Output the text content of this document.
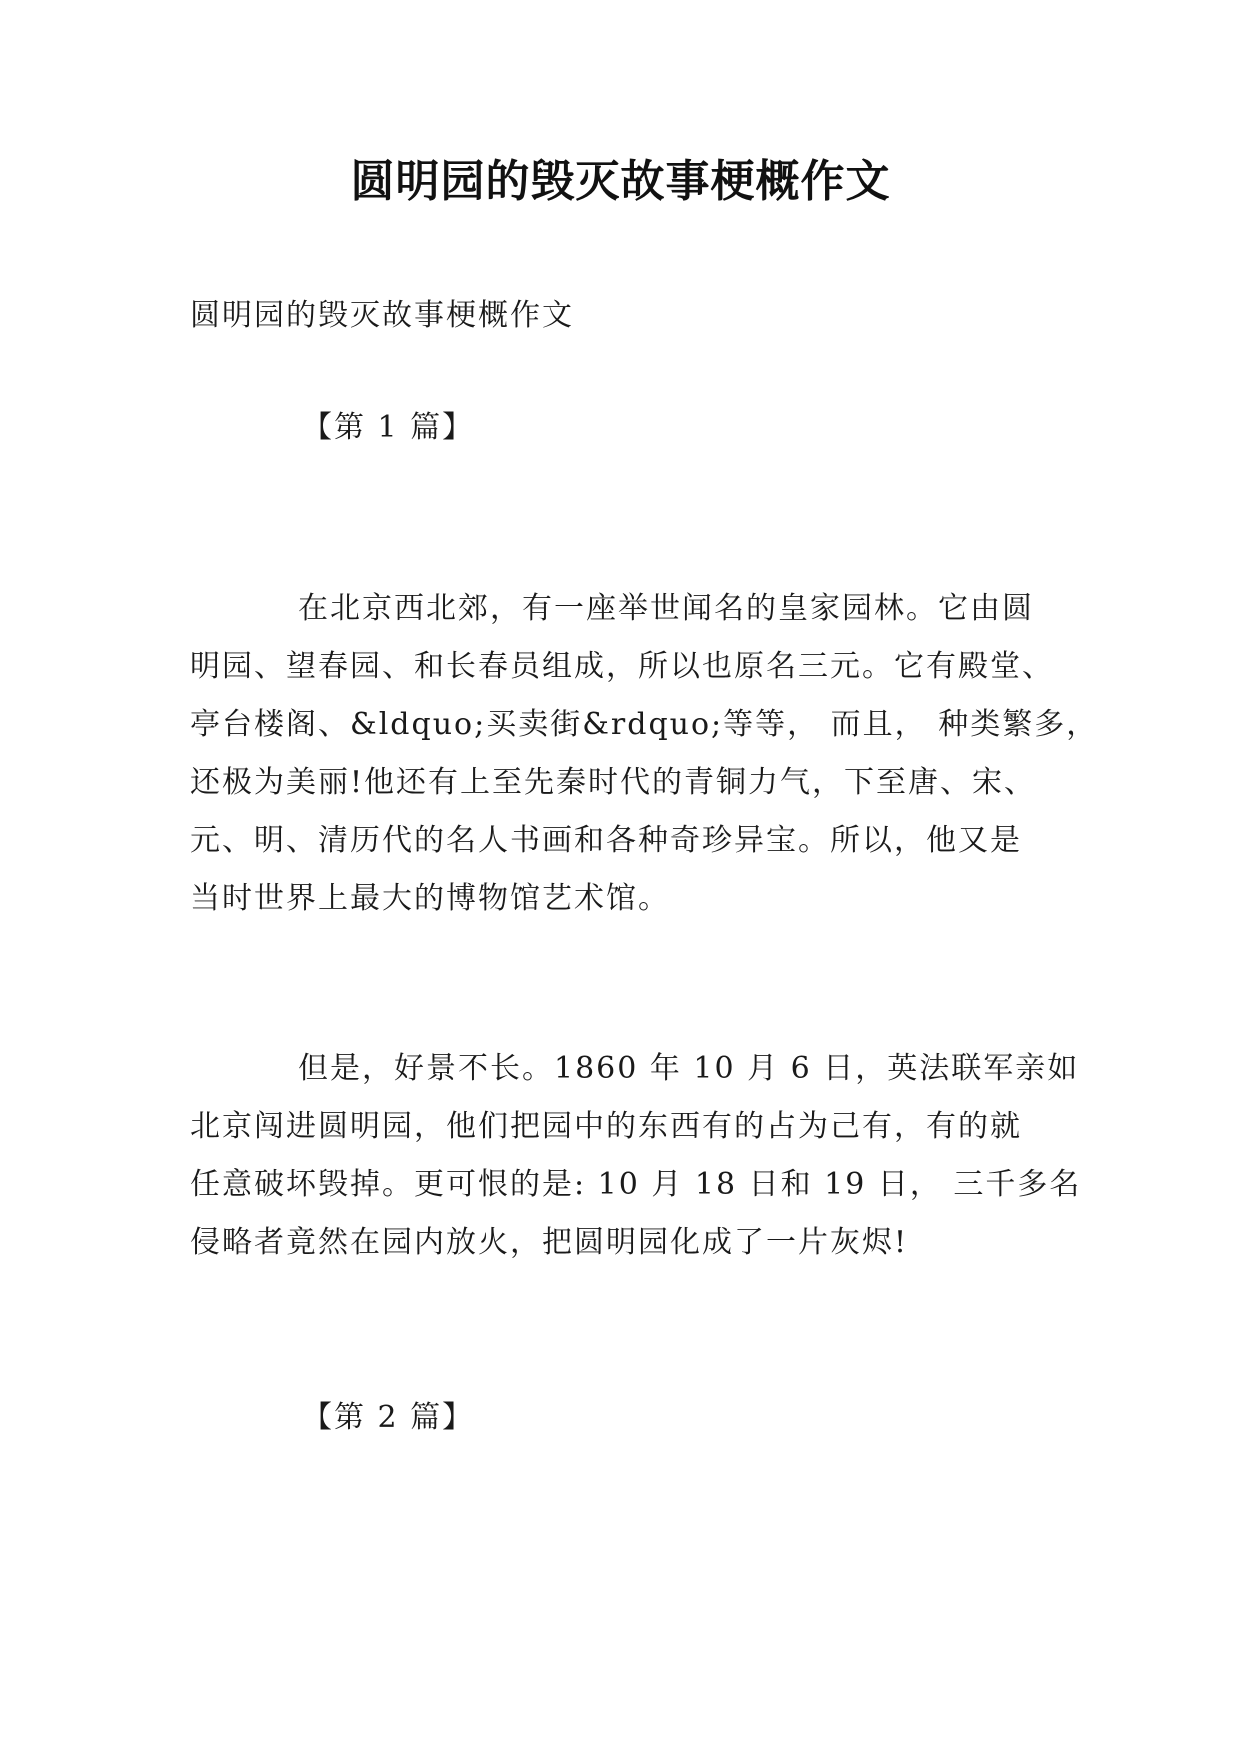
圆明园的毁灭故事梗概作文
圆明园的毁灭故事梗概作文
【第 1 篇】
在北京西北郊，有一座举世闻名的皇家园林。它由圆
明园、望春园、和长春员组成，所以也原名三元。它有殿堂、
亭台楼阁、&ldquo;买卖街&rdquo;等等， 而且， 种类繁多，
还极为美丽!他还有上至先秦时代的青铜力气，下至唐、宋、
元、明、清历代的名人书画和各种奇珍异宝。所以，他又是
当时世界上最大的博物馆艺术馆。
但是，好景不长。1860 年 10 月 6 日，英法联军亲如
北京闯进圆明园，他们把园中的东西有的占为己有，有的就
任意破坏毁掉。更可恨的是: 10 月 18 日和 19 日， 三千多名
侵略者竟然在园内放火，把圆明园化成了一片灰烬!
【第 2 篇】
